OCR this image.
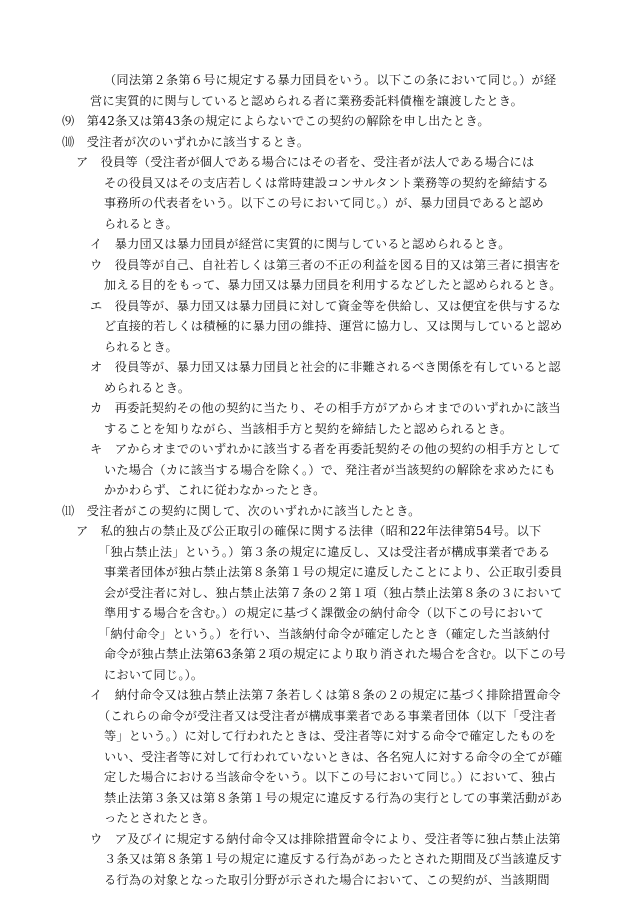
（同法第２条第６号に規定する暴力団員をいう。以下この条において同じ。）が経
営に実質的に関与していると認められる者に業務委託料債権を譲渡したとき。
⑼　第42条又は第43条の規定によらないでこの契約の解除を申し出たとき。
⑽　受注者が次のいずれかに該当するとき。
ア　役員等（受注者が個人である場合にはその者を、受注者が法人である場合には
その役員又はその支店若しくは常時建設コンサルタント業務等の契約を締結する
事務所の代表者をいう。以下この号において同じ。）が、暴力団員であると認め
られるとき。
イ　暴力団又は暴力団員が経営に実質的に関与していると認められるとき。
ウ　役員等が自己、自社若しくは第三者の不正の利益を図る目的又は第三者に損害を
加える目的をもって、暴力団又は暴力団員を利用するなどしたと認められるとき。
エ　役員等が、暴力団又は暴力団員に対して資金等を供給し、又は便宜を供与するな
ど直接的若しくは積極的に暴力団の維持、運営に協力し、又は関与していると認め
られるとき。
オ　役員等が、暴力団又は暴力団員と社会的に非難されるべき関係を有していると認
められるとき。
カ　再委託契約その他の契約に当たり、その相手方がアからオまでのいずれかに該当
することを知りながら、当該相手方と契約を締結したと認められるとき。
キ　アからオまでのいずれかに該当する者を再委託契約その他の契約の相手方として
いた場合（カに該当する場合を除く。）で、発注者が当該契約の解除を求めたにも
かかわらず、これに従わなかったとき。
⑾　受注者がこの契約に関して、次のいずれかに該当したとき。
ア　私的独占の禁止及び公正取引の確保に関する法律（昭和22年法律第54号。以下
「独占禁止法」という。）第３条の規定に違反し、又は受注者が構成事業者である
事業者団体が独占禁止法第８条第１号の規定に違反したことにより、公正取引委員
会が受注者に対し、独占禁止法第７条の２第１項（独占禁止法第８条の３において
準用する場合を含む。）の規定に基づく課徴金の納付命令（以下この号において
「納付命令」という。）を行い、当該納付命令が確定したとき（確定した当該納付
命令が独占禁止法第63条第２項の規定により取り消された場合を含む。以下この号
において同じ。）。
イ　納付命令又は独占禁止法第７条若しくは第８条の２の規定に基づく排除措置命令
（これらの命令が受注者又は受注者が構成事業者である事業者団体（以下「受注者
等」という。）に対して行われたときは、受注者等に対する命令で確定したものを
いい、受注者等に対して行われていないときは、各名宛人に対する命令の全てが確
定した場合における当該命令をいう。以下この号において同じ。）において、独占
禁止法第３条又は第８条第１号の規定に違反する行為の実行としての事業活動があ
ったとされたとき。
ウ　ア及びイに規定する納付命令又は排除措置命令により、受注者等に独占禁止法第
３条又は第８条第１号の規定に違反する行為があったとされた期間及び当該違反す
る行為の対象となった取引分野が示された場合において、この契約が、当該期間
